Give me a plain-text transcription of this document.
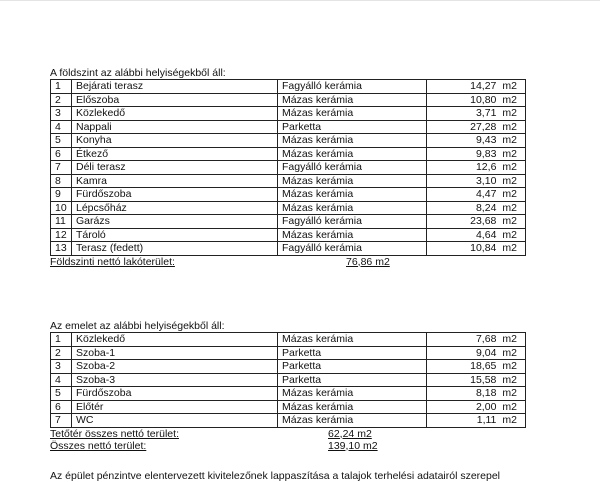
A földszint az alábbi helyiségekből áll:
1	Bejárati terasz	Fagyálló kerámia	14,27 m2
2	Előszoba	Mázas kerámia	10,80 m2
3	Közlekedő	Mázas kerámia	3,71 m2
4	Nappali	Parketta	27,28 m2
5	Konyha	Mázas kerámia	9,43 m2
6	Étkező	Mázas kerámia	9,83 m2
7	Déli terasz	Fagyálló kerámia	12,6 m2
8	Kamra	Mázas kerámia	3,10 m2
9	Fürdőszoba	Mázas kerámia	4,47 m2
10	Lépcsőház	Mázas kerámia	8,24 m2
11	Garázs	Fagyálló kerámia	23,68 m2
12	Tároló	Mázas kerámia	4,64 m2
13	Terasz (fedett)	Fagyálló kerámia	10,84 m2
Földszinti nettó lakóterület:	76,86 m2
Az emelet az alábbi helyiségekből áll:
1	Közlekedő	Mázas kerámia	7,68 m2
2	Szoba-1	Parketta	9,04 m2
3	Szoba-2	Parketta	18,65 m2
4	Szoba-3	Parketta	15,58 m2
5	Fürdőszoba	Mázas kerámia	8,18 m2
6	Előtér	Mázas kerámia	2,00 m2
7	WC	Mázas kerámia	1,11 m2
Tetőtér összes nettó terület:	62,24 m2
Összes nettó terület:	139,10 m2
Az épület pénzintve elentervezett kivitelezőnek lappaszítása a talajok terhelési adatairól szerepel
